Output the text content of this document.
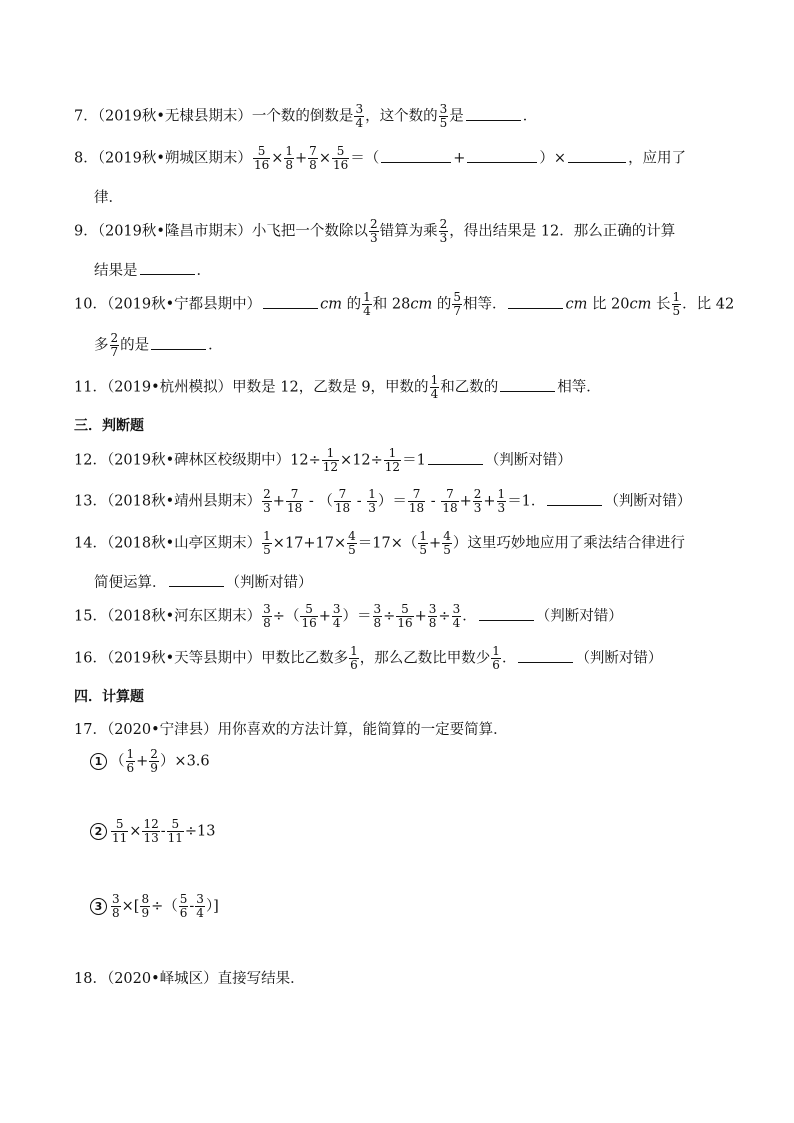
7．（2019秋•无棣县期末）一个数的倒数是 $\frac{3}{4}$ ，这个数的 $\frac{3}{5}$ 是	．
8．（2019秋•朔城区期末） $\frac{5}{16} \times \frac{1}{8} + \frac{7}{8} \times \frac{5}{16}$ ＝（	+	）×	，应用了
律．
9．（2019秋•隆昌市期末）小飞把一个数除以 $\frac{2}{3}$ 错算为乘 $\frac{2}{3}$ ，得出结果是 12．那么正确的计算
结果是	．
10．（2019秋•宁都县期中）	cm 的 $\frac{1}{4}$ 和 28cm 的 $\frac{5}{7}$ 相等．	cm 比 20cm 长 $\frac{1}{5}$ ．比 42
多 $\frac{2}{7}$ 的是	．
11．（2019•杭州模拟）甲数是 12，乙数是 9，甲数的 $\frac{1}{4}$ 和乙数的	相等．
三．判断题
12．（2019秋•碑林区校级期中）$12\div \frac{1}{12} \times 12\div \frac{1}{12} =1$	（判断对错）
13．（2018秋•靖州县期末） $\frac{2}{3} + \frac{7}{18}$ - （ $\frac{7}{18} - \frac{1}{3}$ ）＝ $\frac{7}{18} - \frac{7}{18} + \frac{2}{3} + \frac{1}{3} =1$．	（判断对错）
14．（2018秋•山亭区期末） $\frac{1}{5} \times 17+17\times \frac{4}{5} =17\times( \frac{1}{5} + \frac{4}{5}$ ）这里巧妙地应用了乘法结合律进行
简便运算．	（判断对错）
15．（2018秋•河东区期末） $\frac{3}{8}$ ÷（ $\frac{5}{16} + \frac{3}{4}$ ）＝ $\frac{3}{8} \div \frac{5}{16} + \frac{3}{8} \div \frac{3}{4}$ ．	（判断对错）
16．（2019秋•天等县期中）甲数比乙数多 $\frac{1}{6}$ ，那么乙数比甲数少 $\frac{1}{6}$ ．	（判断对错）
四．计算题
17．（2020•宁津县）用你喜欢的方法计算，能简算的一定要简算．
1 （ $\frac{1}{6} + \frac{2}{9} )\times 3.6$
$2 \frac{5}{11} \times \frac{12}{13} - \frac{5}{11} \div 13$
$3 \frac{3}{8}$ ×[ $\frac{8}{9}$ ÷（ $\frac{5}{6} - \frac{3}{4}$ ）]
18．（2020•峄城区）直接写结果．
